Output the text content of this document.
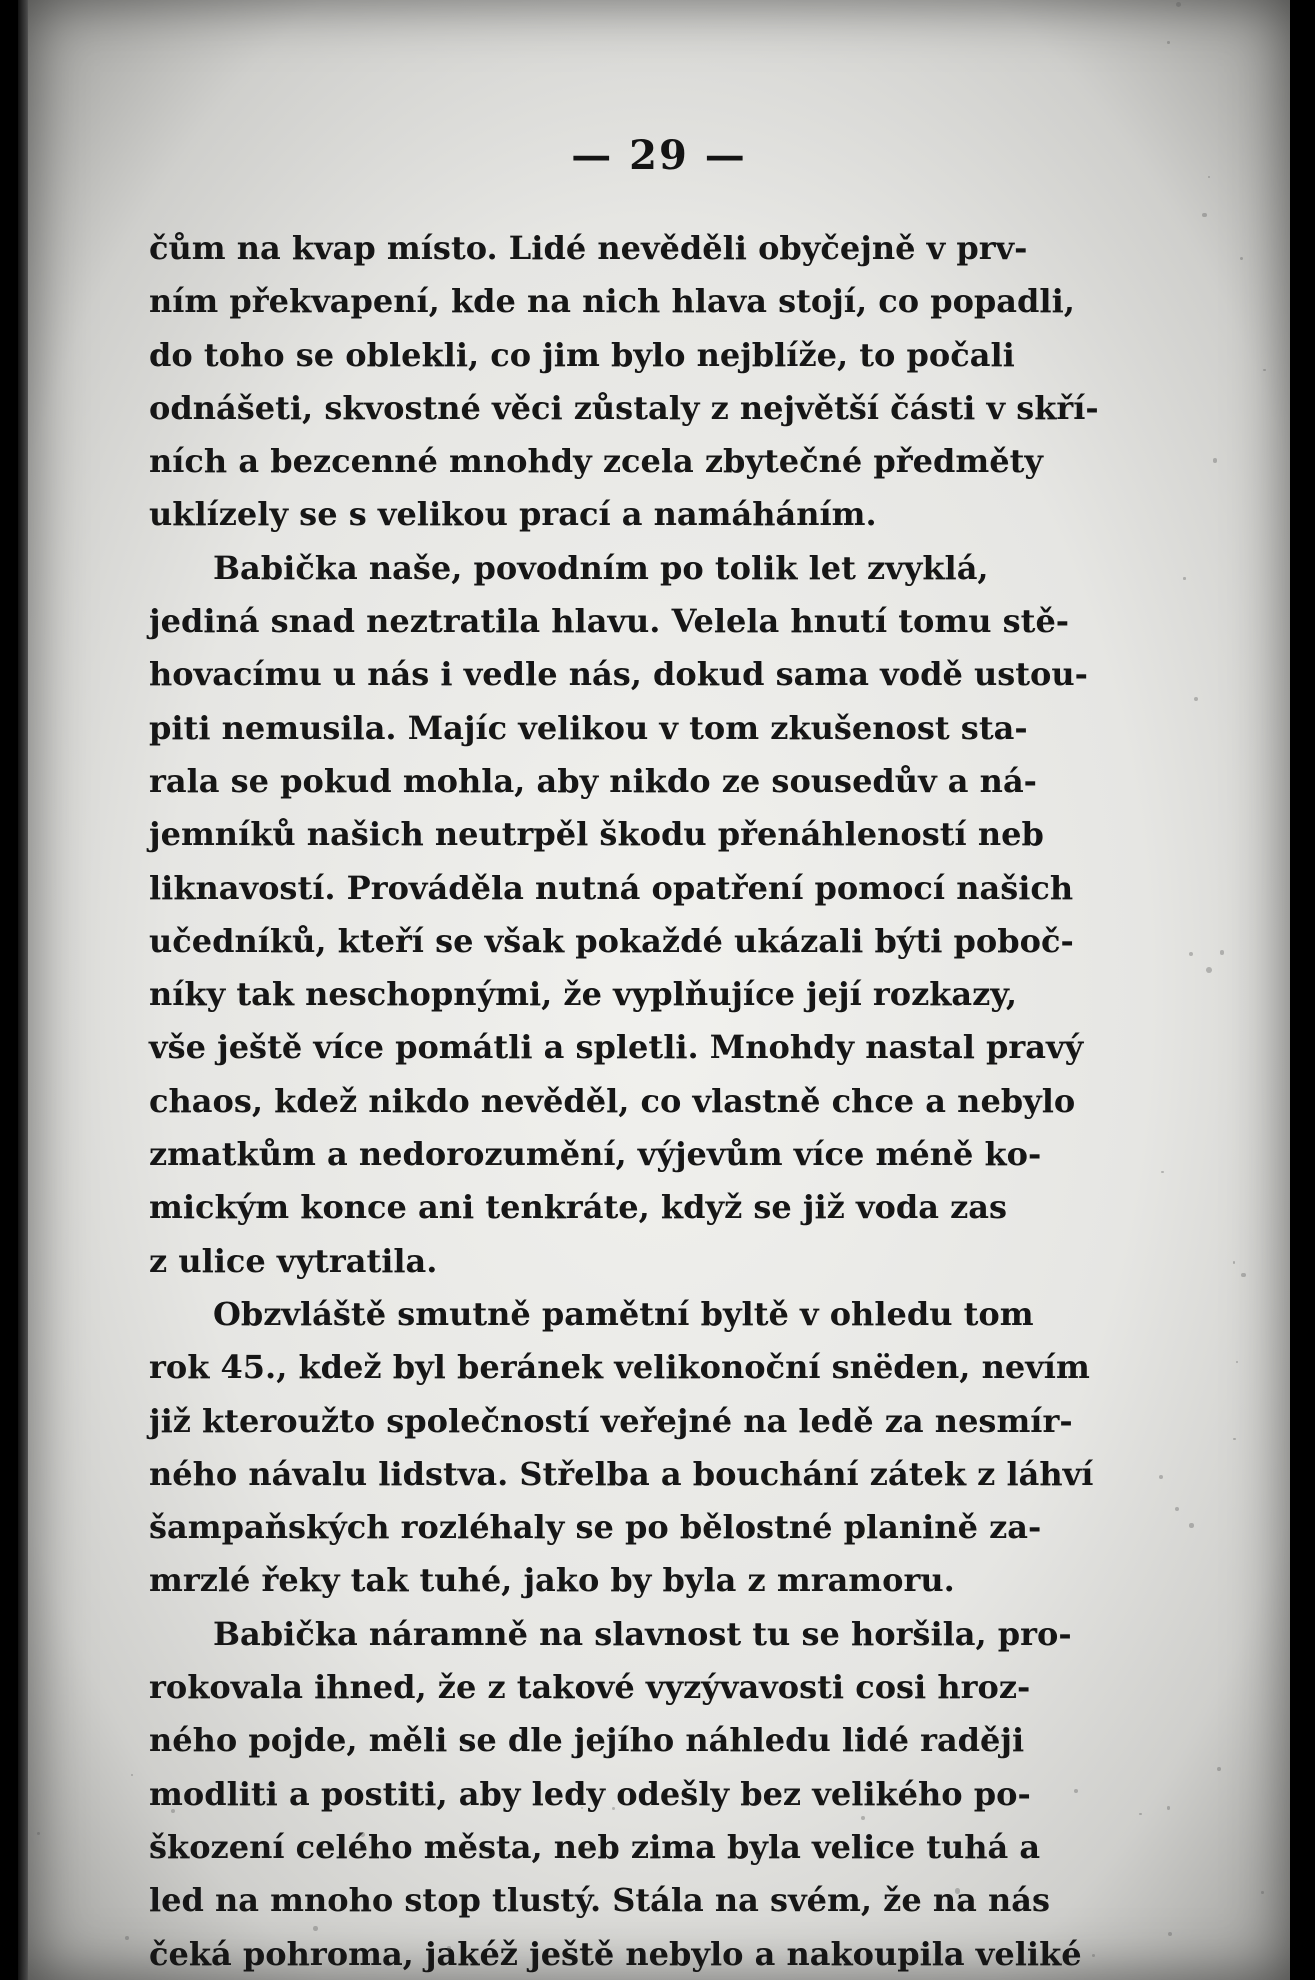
— 29 —
čům na kvap místo. Lidé nevěděli obyčejně v prv-
ním překvapení, kde na nich hlava stojí, co popadli,
do toho se oblekli, co jim bylo nejblíže, to počali
odnášeti, skvostné věci zůstaly z největší části v skří-
ních a bezcenné mnohdy zcela zbytečné předměty
uklízely se s velikou prací a namáháním.
Babička naše, povodním po tolik let zvyklá,
jediná snad neztratila hlavu. Velela hnutí tomu stě-
hovacímu u nás i vedle nás, dokud sama vodě ustou-
piti nemusila. Majíc velikou v tom zkušenost sta-
rala se pokud mohla, aby nikdo ze sousedův a ná-
jemníků našich neutrpěl škodu přenáhleností neb
liknavostí. Prováděla nutná opatření pomocí našich
učedníků, kteří se však pokaždé ukázali býti poboč-
níky tak neschopnými, že vyplňujíce její rozkazy,
vše ještě více pomátli a spletli. Mnohdy nastal pravý
chaos, kdež nikdo nevěděl, co vlastně chce a nebylo
zmatkům a nedorozumění, výjevům více méně ko-
mickým konce ani tenkráte, když se již voda zas
z ulice vytratila.
Obzvláště smutně pamětní byltě v ohledu tom
rok 45., kdež byl beránek velikonoční snëden, nevím
již kteroužto společností veřejné na ledě za nesmír-
ného návalu lidstva. Střelba a bouchání zátek z láhví
šampaňských rozléhaly se po bělostné planině za-
mrzlé řeky tak tuhé, jako by byla z mramoru.
Babička náramně na slavnost tu se horšila, pro-
rokovala ihned, že z takové vyzývavosti cosi hroz-
ného pojde, měli se dle jejího náhledu lidé raději
modliti a postiti, aby ledy odešly bez velikého po-
škození celého města, neb zima byla velice tuhá a
led na mnoho stop tlustý. Stála na svém, že na nás
čeká pohroma, jakéž ještě nebylo a nakoupila veliké
